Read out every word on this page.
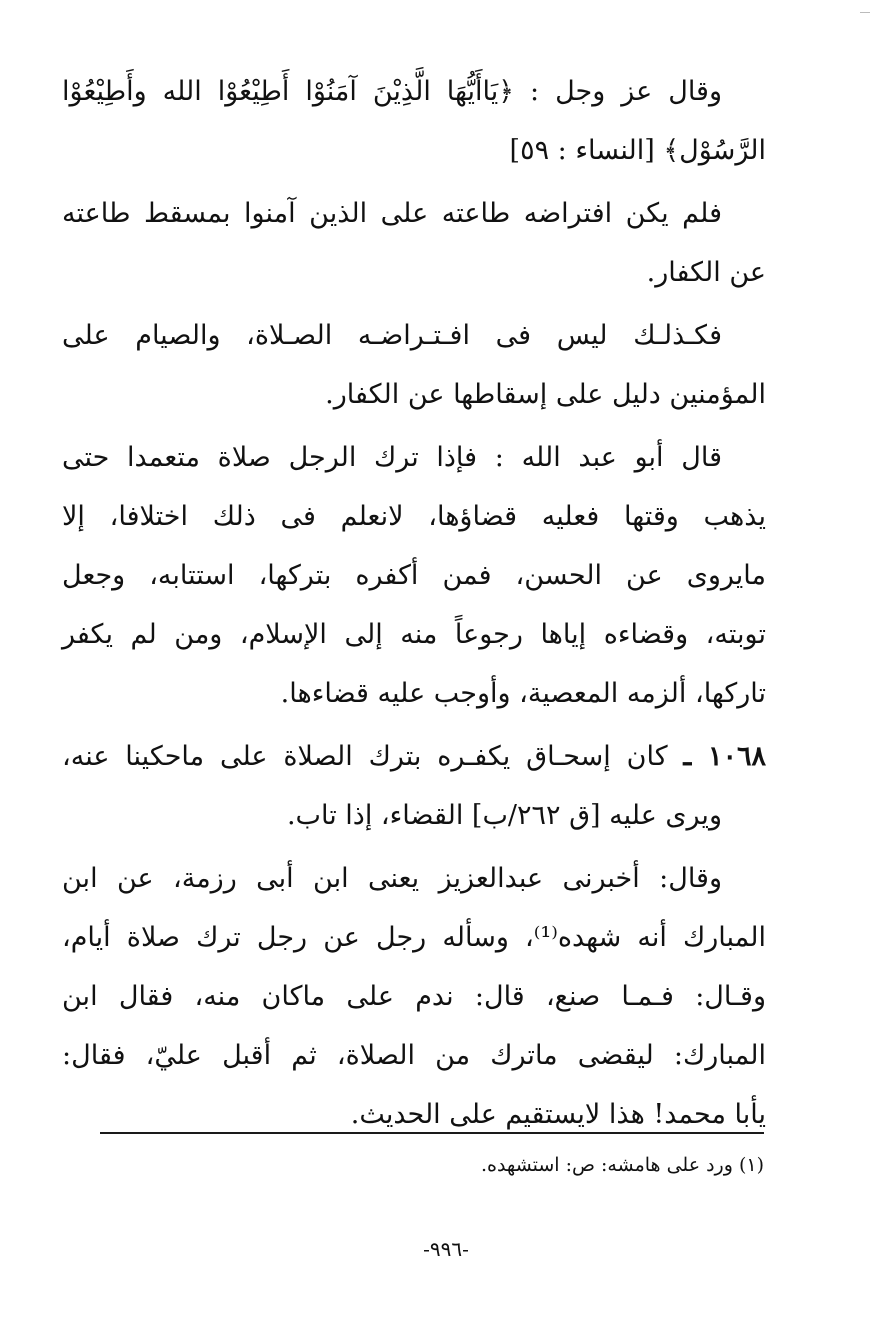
وقال عز وجل : ﴿يَاأَيُّهَا الَّذِيْنَ آمَنُوْا أَطِيْعُوْا الله وأَطِيْعُوْا
الرَّسُوْل﴾ [النساء : ٥٩]
فلم يكن افتراضه طاعته على الذين آمنوا بمسقط طاعته
عن الكفار.
فكـذلـك ليس فى افـتـراضـه الصـلاة، والصيام على
المؤمنين دليل على إسقاطها عن الكفار.
قال أبو عبد الله : فإذا ترك الرجل صلاة متعمدا حتى
يذهب وقتها فعليه قضاؤها، لانعلم فى ذلك اختلافا، إلا
مايروى عن الحسن، فمن أكفره بتركها، استتابه، وجعل
توبته، وقضاءه إياها رجوعاً منه إلى الإسلام، ومن لم يكفر
تاركها، ألزمه المعصية، وأوجب عليه قضاءها.
١٠٦٨ ـ كان إسحـاق يكفـره بترك الصلاة على ماحكينا عنه،
ويرى عليه [ق ٢٦٢/ب] القضاء، إذا تاب.
وقال: أخبرنى عبدالعزيز يعنى ابن أبى رزمة، عن ابن
المبارك أنه شهده⁽¹⁾، وسأله رجل عن رجل ترك صلاة أيام،
وقـال: فـمـا صنع، قال: ندم على ماكان منه، فقال ابن
المبارك: ليقضى ماترك من الصلاة، ثم أقبل عليّ، فقال:
يأبا محمد! هذا لايستقيم على الحديث.
(١) ورد على هامشه: ص: استشهده.
-٩٩٦-
